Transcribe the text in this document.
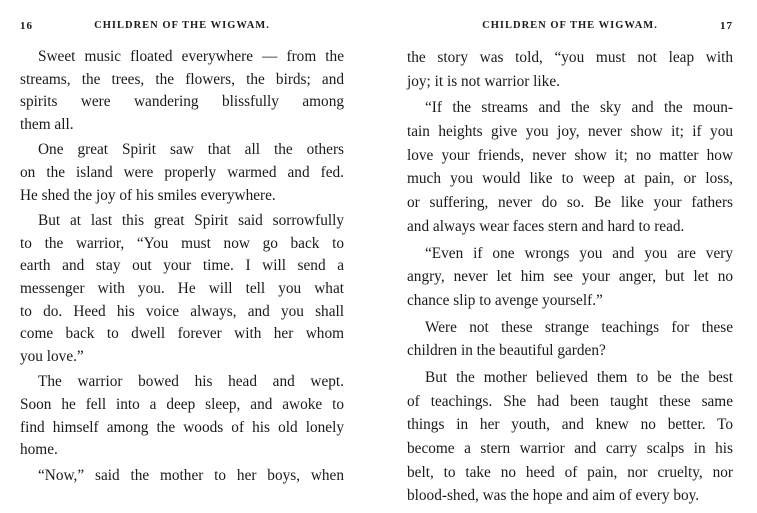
16	CHILDREN OF THE WIGWAM.
Sweet music floated everywhere — from the
streams, the trees, the flowers, the birds; and
spirits were wandering blissfully among
them all.
One great Spirit saw that all the others
on the island were properly warmed and fed.
He shed the joy of his smiles everywhere.
But at last this great Spirit said sorrowfully
to the warrior, “You must now go back to
earth and stay out your time. I will send a
messenger with you. He will tell you what
to do. Heed his voice always, and you shall
come back to dwell forever with her whom
you love.”
The warrior bowed his head and wept.
Soon he fell into a deep sleep, and awoke to
find himself among the woods of his old lonely
home.
“Now,” said the mother to her boys, when
CHILDREN OF THE WIGWAM.	17
the story was told, “you must not leap with
joy; it is not warrior like.
“If the streams and the sky and the moun-
tain heights give you joy, never show it; if you
love your friends, never show it; no matter how
much you would like to weep at pain, or loss,
or suffering, never do so. Be like your fathers
and always wear faces stern and hard to read.
“Even if one wrongs you and you are very
angry, never let him see your anger, but let no
chance slip to avenge yourself.”
Were not these strange teachings for these
children in the beautiful garden?
But the mother believed them to be the best
of teachings. She had been taught these same
things in her youth, and knew no better. To
become a stern warrior and carry scalps in his
belt, to take no heed of pain, nor cruelty, nor
blood-shed, was the hope and aim of every boy.
